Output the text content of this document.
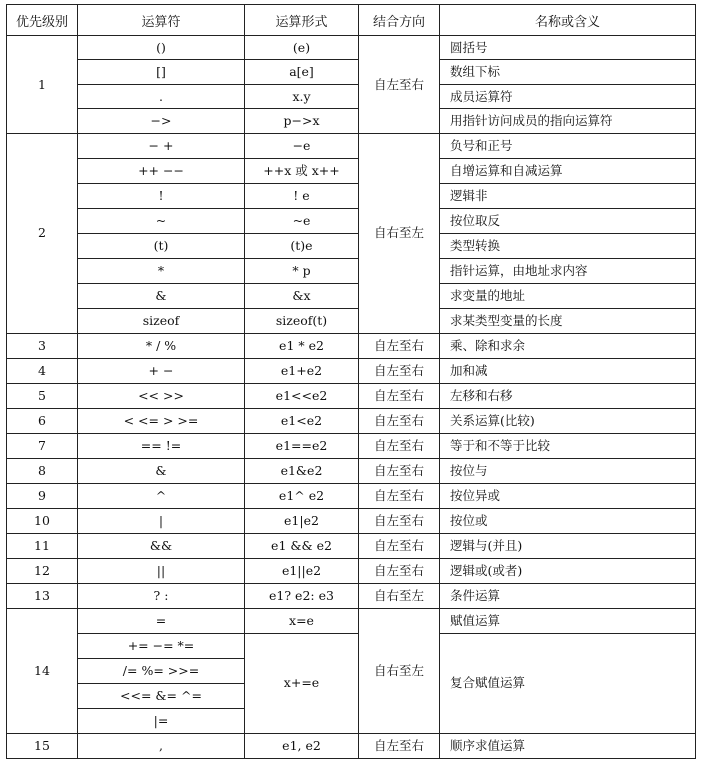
优先级别	运算符	运算形式	结合方向	名称或含义
1	()	(e)	自左至右	圆括号
	[]	a[e]		数组下标
	.	x.y		成员运算符
	−>	p−>x		用指针访问成员的指向运算符
2	− +	−e	自右至左	负号和正号
	++ −−	++x 或 x++		自增运算和自减运算
	!	! e		逻辑非
	~	~e		按位取反
	(t)	(t)e		类型转换
	*	* p		指针运算，由地址求内容
	&	&x		求变量的地址
	sizeof	sizeof(t)		求某类型变量的长度
3	* / %	e1 * e2	自左至右	乘、除和求余
4	+ −	e1+e2	自左至右	加和减
5	<< >>	e1<<e2	自左至右	左移和右移
6	< <= > >=	e1<e2	自左至右	关系运算(比较)
7	== !=	e1==e2	自左至右	等于和不等于比较
8	&	e1&e2	自左至右	按位与
9	^	e1^ e2	自左至右	按位异或
10	|	e1|e2	自左至右	按位或
11	&&	e1 && e2	自左至右	逻辑与(并且)
12	||	e1||e2	自左至右	逻辑或(或者)
13	? :	e1? e2: e3	自右至左	条件运算
14	=	x=e	自右至左	赋值运算
	+= −= *=	x+=e		复合赋值运算
	/= %= >>=			
	<<= &= ^=			
	|=			
15	,	e1, e2	自左至右	顺序求值运算
